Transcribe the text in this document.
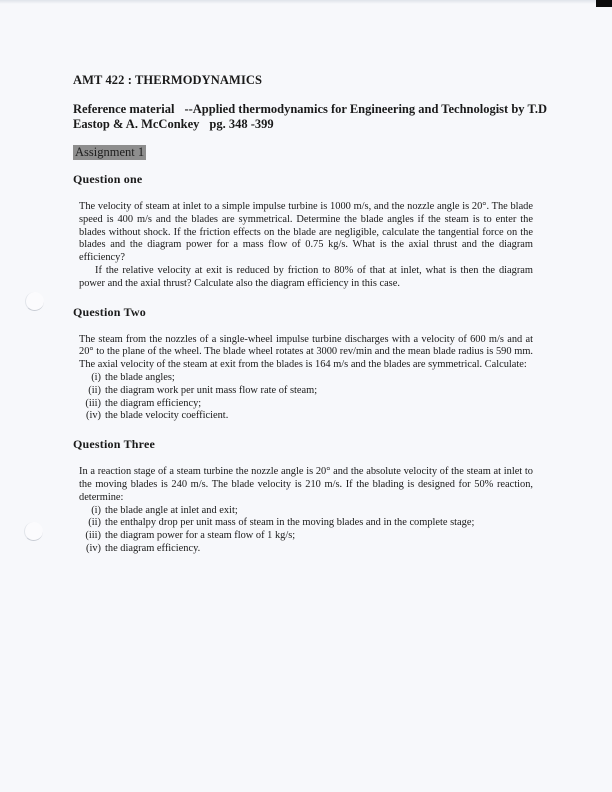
AMT 422 : THERMODYNAMICS

Reference material --Applied thermodynamics for Engineering and Technologist by T.D
Eastop & A. McConkey pg. 348 -399

Assignment 1
Question one

The velocity of steam at inlet to a simple impulse turbine is 1000 m/s, and the nozzle angle is 20°. The blade speed is 400 m/s and the blades are symmetrical. Determine the blade angles if the steam is to enter the blades without shock. If the friction effects on the blade are negligible, calculate the tangential force on the blades and the diagram power for a mass flow of 0.75 kg/s. What is the axial thrust and the diagram efficiency?

If the relative velocity at exit is reduced by friction to 80% of that at inlet, what is then the diagram power and the axial thrust? Calculate also the diagram efficiency in this case.

Question Two

The steam from the nozzles of a single-wheel impulse turbine discharges with a velocity of 600 m/s and at 20° to the plane of the wheel. The blade wheel rotates at 3000 rev/min and the mean blade radius is 590 mm. The axial velocity of the steam at exit from the blades is 164 m/s and the blades are symmetrical. Calculate:

(i) the blade angles;
(ii) the diagram work per unit mass flow rate of steam;
(iii) the diagram efficiency;
(iv) the blade velocity coefficient.
Question Three

In a reaction stage of a steam turbine the nozzle angle is 20° and the absolute velocity of the steam at inlet to the moving blades is 240 m/s. The blade velocity is 210 m/s. If the blading is designed for 50% reaction, determine:

(i) the blade angle at inlet and exit;
(ii) the enthalpy drop per unit mass of steam in the moving blades and in the complete stage;
(iii) the diagram power for a steam flow of 1 kg/s;
(iv) the diagram efficiency.
